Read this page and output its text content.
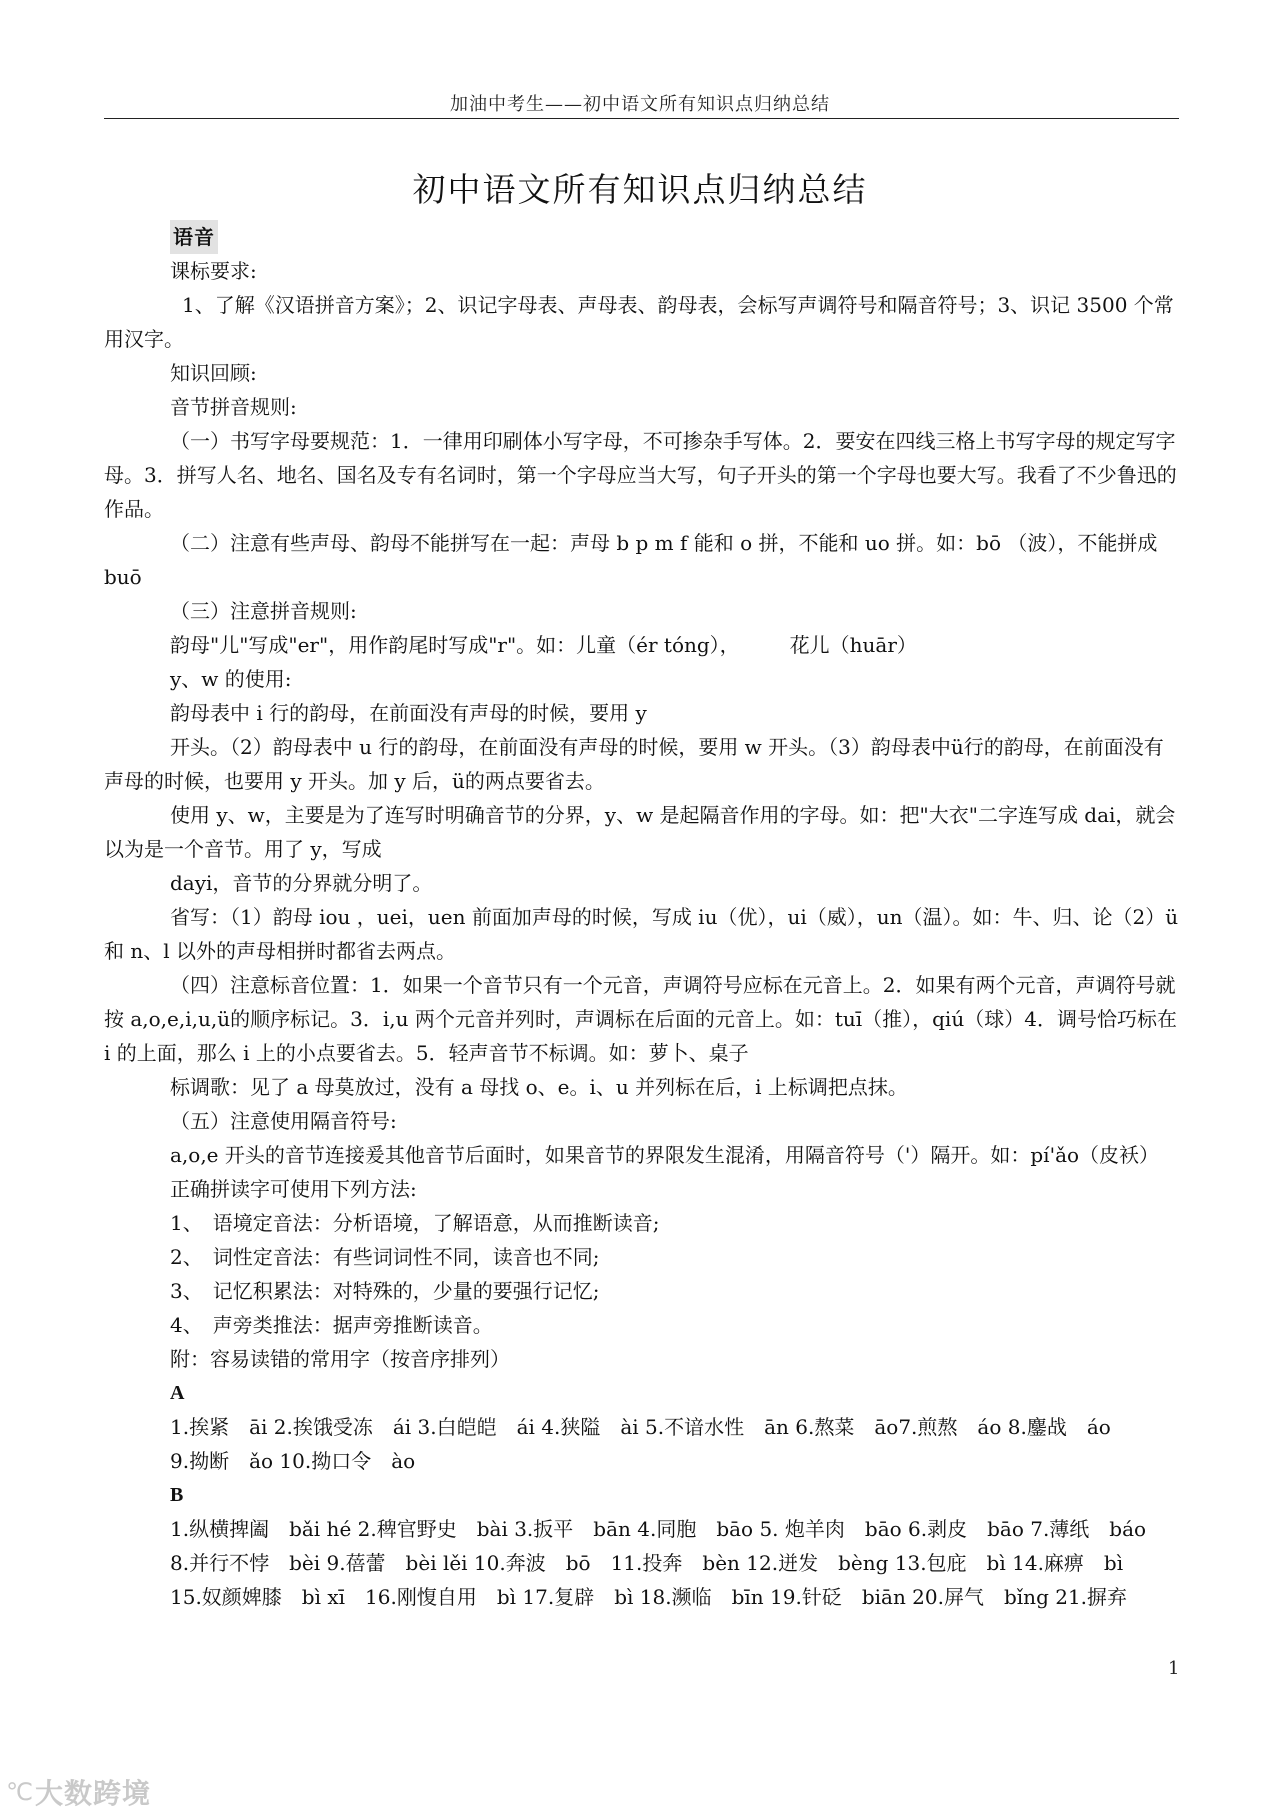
加油中考生——初中语文所有知识点归纳总结
初中语文所有知识点归纳总结

语音

课标要求:

1、了解《汉语拼音方案》；2、识记字母表、声母表、韵母表，会标写声调符号和隔音符号；3、识记 3500 个常用汉字。

知识回顾:

音节拼音规则:

（一）书写字母要规范：1．一律用印刷体小写字母，不可掺杂手写体。2．要安在四线三格上书写字母的规定写字母。3．拼写人名、地名、国名及专有名词时，第一个字母应当大写，句子开头的第一个字母也要大写。我看了不少鲁迅的作品。

（二）注意有些声母、韵母不能拼写在一起：声母 b p m f 能和 o 拼，不能和 uo 拼。如：bō （波），不能拼成 buō

（三）注意拼音规则:

韵母"儿"写成"er"，用作韵尾时写成"r"。如：儿童（ér tóng），　　　花儿（huār）

y、w 的使用:

韵母表中 i 行的韵母，在前面没有声母的时候，要用 y

开头。（2）韵母表中 u 行的韵母，在前面没有声母的时候，要用 w 开头。（3）韵母表中ü行的韵母，在前面没有声母的时候，也要用 y 开头。加 y 后，ü的两点要省去。

使用 y、w，主要是为了连写时明确音节的分界，y、w 是起隔音作用的字母。如：把"大衣"二字连写成 dai，就会以为是一个音节。用了 y，写成

dayi，音节的分界就分明了。

省写：（1）韵母 iou ，uei，uen 前面加声母的时候，写成 iu（优），ui（威），un（温）。如：牛、归、论（2）ü和 n、l 以外的声母相拼时都省去两点。

（四）注意标音位置：1．如果一个音节只有一个元音，声调符号应标在元音上。2．如果有两个元音，声调符号就按 a,o,e,i,u,ü的顺序标记。3．i,u 两个元音并列时，声调标在后面的元音上。如：tuī（推），qiú（球）4．调号恰巧标在 i 的上面，那么 i 上的小点要省去。5．轻声音节不标调。如：萝卜、桌子

标调歌：见了 a 母莫放过，没有 a 母找 o、e。i、u 并列标在后，i 上标调把点抹。

（五）注意使用隔音符号:

a,o,e 开头的音节连接爰其他音节后面时，如果音节的界限发生混淆，用隔音符号（'）隔开。如：pí'ǎo（皮袄）

正确拼读字可使用下列方法:

1、　语境定音法：分析语境，了解语意，从而推断读音;

2、　词性定音法：有些词词性不同，读音也不同;

3、　记忆积累法：对特殊的，少量的要强行记忆;

4、　声旁类推法：据声旁推断读音。

附：容易读错的常用字（按音序排列）

A

1.挨紧　āi 2.挨饿受冻　ái 3.白皑皑　ái 4.狭隘　ài 5.不谙水性　ān 6.熬菜　āo7.煎熬　áo 8.鏖战　áo

9.拗断　ǎo 10.拗口令　ào

B

1.纵横捭阖　bǎi hé 2.稗官野史　bài 3.扳平　bān 4.同胞　bāo 5. 炮羊肉　bāo 6.剥皮　bāo 7.薄纸　báo

8.并行不悖　bèi 9.蓓蕾　bèi lěi 10.奔波　bō　11.投奔　bèn 12.迸发　bèng 13.包庇　bì 14.麻痹　bì

15.奴颜婢膝　bì xī　16.刚愎自用　bì 17.复辟　bì 18.濒临　bīn 19.针砭　biān 20.屏气　bǐng 21.摒弃

1
℃ 大数跨境
